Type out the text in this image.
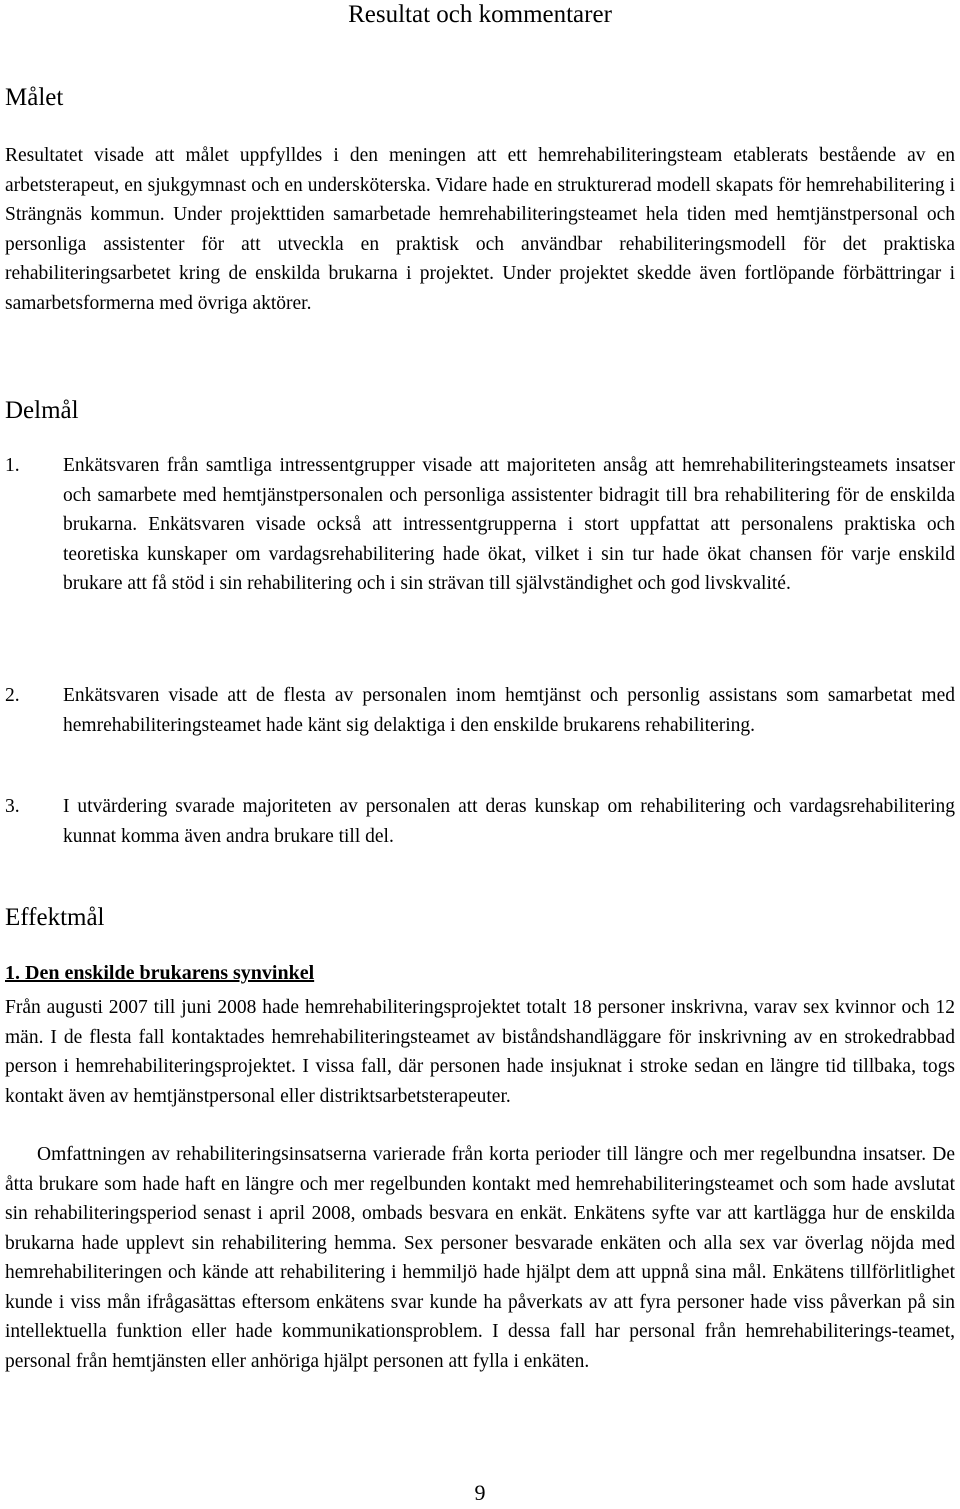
Resultat och kommentarer
Målet
Resultatet visade att målet uppfylldes i den meningen att ett hemrehabiliteringsteam etablerats bestående av en arbetsterapeut, en sjukgymnast och en undersköterska. Vidare hade en strukturerad modell skapats för hemrehabilitering i Strängnäs kommun. Under projekttiden samarbetade hemrehabiliteringsteamet hela tiden med hemtjänstpersonal och personliga assistenter för att utveckla en praktisk och användbar rehabiliteringsmodell för det praktiska rehabiliteringsarbetet kring de enskilda brukarna i projektet. Under projektet skedde även fortlöpande förbättringar i samarbetsformerna med övriga aktörer.
Delmål
1.	Enkätsvaren från samtliga intressentgrupper visade att majoriteten ansåg att hemrehabiliteringsteamets insatser och samarbete med hemtjänstpersonalen och personliga assistenter bidragit till bra rehabilitering för de enskilda brukarna. Enkätsvaren visade också att intressentgrupperna i stort uppfattat att personalens praktiska och teoretiska kunskaper om vardagsrehabilitering hade ökat, vilket i sin tur hade ökat chansen för varje enskild brukare att få stöd i sin rehabilitering och i sin strävan till självständighet och god livskvalité.
2.	Enkätsvaren visade att de flesta av personalen inom hemtjänst och personlig assistans som samarbetat med hemrehabiliteringsteamet hade känt sig delaktiga i den enskilde brukarens rehabilitering.
3.	I utvärdering svarade majoriteten av personalen att deras kunskap om rehabilitering och vardagsrehabilitering kunnat komma även andra brukare till del.
Effektmål
1. Den enskilde brukarens synvinkel
Från augusti 2007 till juni 2008 hade hemrehabiliteringsprojektet totalt 18 personer inskrivna, varav sex kvinnor och 12 män. I de flesta fall kontaktades hemrehabiliteringsteamet av biståndshandläggare för inskrivning av en strokedrabbad person i hemrehabiliteringsprojektet. I vissa fall, där personen hade insjuknat i stroke sedan en längre tid tillbaka, togs kontakt även av hemtjänstpersonal eller distriktsarbetsterapeuter.
Omfattningen av rehabiliteringsinsatserna varierade från korta perioder till längre och mer regelbundna insatser. De åtta brukare som hade haft en längre och mer regelbunden kontakt med hemrehabiliteringsteamet och som hade avslutat sin rehabiliteringsperiod senast i april 2008, ombads besvara en enkät. Enkätens syfte var att kartlägga hur de enskilda brukarna hade upplevt sin rehabilitering hemma. Sex personer besvarade enkäten och alla sex var överlag nöjda med hemrehabiliteringen och kände att rehabilitering i hemmiljö hade hjälpt dem att uppnå sina mål. Enkätens tillförlitlighet kunde i viss mån ifrågasättas eftersom enkätens svar kunde ha påverkats av att fyra personer hade viss påverkan på sin intellektuella funktion eller hade kommunikationsproblem. I dessa fall har personal från hemrehabiliterings-teamet, personal från hemtjänsten eller anhöriga hjälpt personen att fylla i enkäten.
9
